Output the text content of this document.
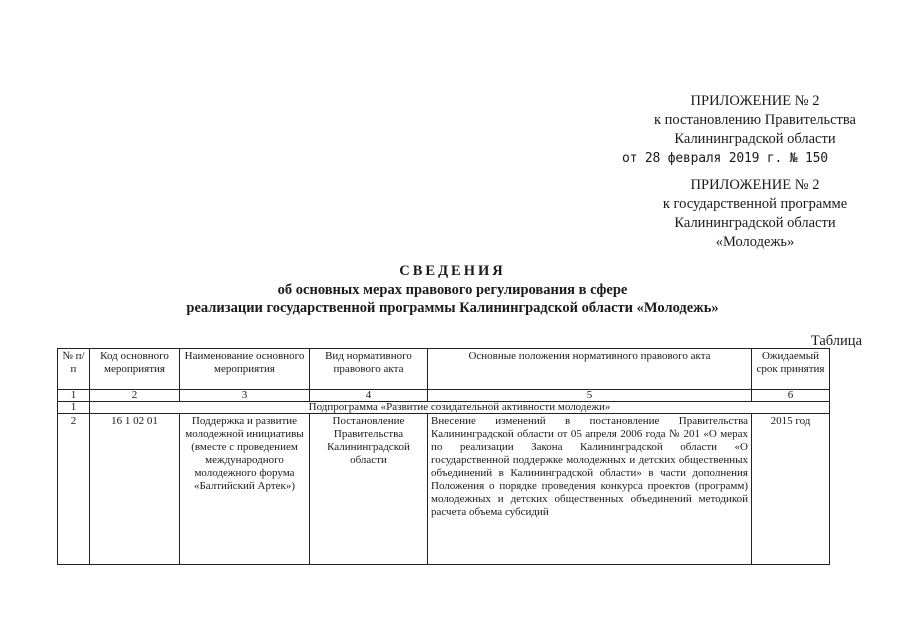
ПРИЛОЖЕНИЕ № 2
к постановлению Правительства
Калининградской области
от 28 февраля 2019 г. № 150
ПРИЛОЖЕНИЕ № 2
к государственной программе
Калининградской области
«Молодежь»
СВЕДЕНИЯ
об основных мерах правового регулирования в сфере
реализации государственной программы Калининградской области «Молодежь»
Таблица
№ п/п	Код основного мероприятия	Наименование основного мероприятия	Вид нормативного правового акта	Основные положения нормативного правового акта	Ожидаемый срок принятия
1	2	3	4	5	6
1	Подпрограмма «Развитие созидательной активности молодежи»				
2	16 1 02 01	Поддержка и развитие молодежной инициативы (вместе с проведением международного молодежного форума «Балтийский Артек»)	Постановление Правительства Калининградской области	Внесение изменений в постановление Правительства Калининградской области от 05 апреля 2006 года № 201 «О мерах по реализации Закона Калининградской области «О государственной поддержке молодежных и детских общественных объединений в Калининградской области» в части дополнения Положения о порядке проведения конкурса проектов (программ) молодежных и детских общественных объединений методикой расчета объема субсидий	2015 год
